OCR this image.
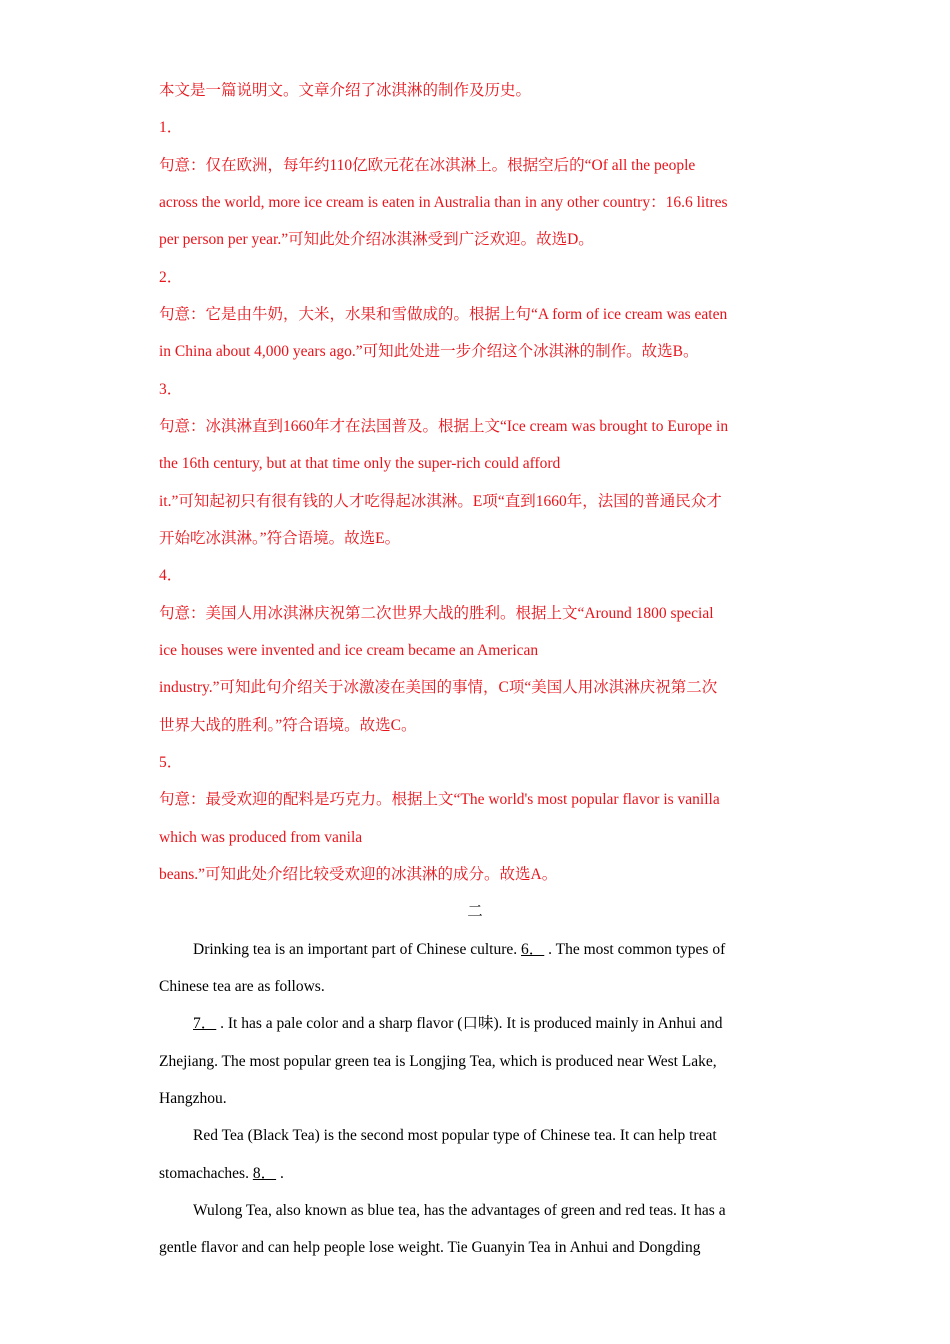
本文是一篇说明文。文章介绍了冰淇淋的制作及历史。
1．
句意：仅在欧洲，每年约110亿欧元花在冰淇淋上。根据空后的“Of all the people
across the world, more ice cream is eaten in Australia than in any other country：16.6 litres
per person per year.”可知此处介绍冰淇淋受到广泛欢迎。故选D。
2．
句意：它是由牛奶，大米，水果和雪做成的。根据上句“A form of ice cream was eaten
in China about 4,000 years ago.”可知此处进一步介绍这个冰淇淋的制作。故选B。
3．
句意：冰淇淋直到1660年才在法国普及。根据上文“Ice cream was brought to Europe in
the 16th century, but at that time only the super-rich could afford
it.”可知起初只有很有钱的人才吃得起冰淇淋。E项“直到1660年，法国的普通民众才
开始吃冰淇淋。”符合语境。故选E。
4．
句意：美国人用冰淇淋庆祝第二次世界大战的胜利。根据上文“Around 1800 special
ice houses were invented and ice cream became an American
industry.”可知此句介绍关于冰激凌在美国的事情，C项“美国人用冰淇淋庆祝第二次
世界大战的胜利。”符合语境。故选C。
5．
句意：最受欢迎的配料是巧克力。根据上文“The world's most popular flavor is vanilla
which was produced from vanila
beans.”可知此处介绍比较受欢迎的冰淇淋的成分。故选A。
二
Drinking tea is an important part of Chinese culture. 6． . The most common types of
Chinese tea are as follows.
7． . It has a pale color and a sharp flavor (口味). It is produced mainly in Anhui and
Zhejiang. The most popular green tea is Longjing Tea, which is produced near West Lake,
Hangzhou.
Red Tea (Black Tea) is the second most popular type of Chinese tea. It can help treat
stomachaches. 8． .
Wulong Tea, also known as blue tea, has the advantages of green and red teas. It has a
gentle flavor and can help people lose weight. Tie Guanyin Tea in Anhui and Dongding
